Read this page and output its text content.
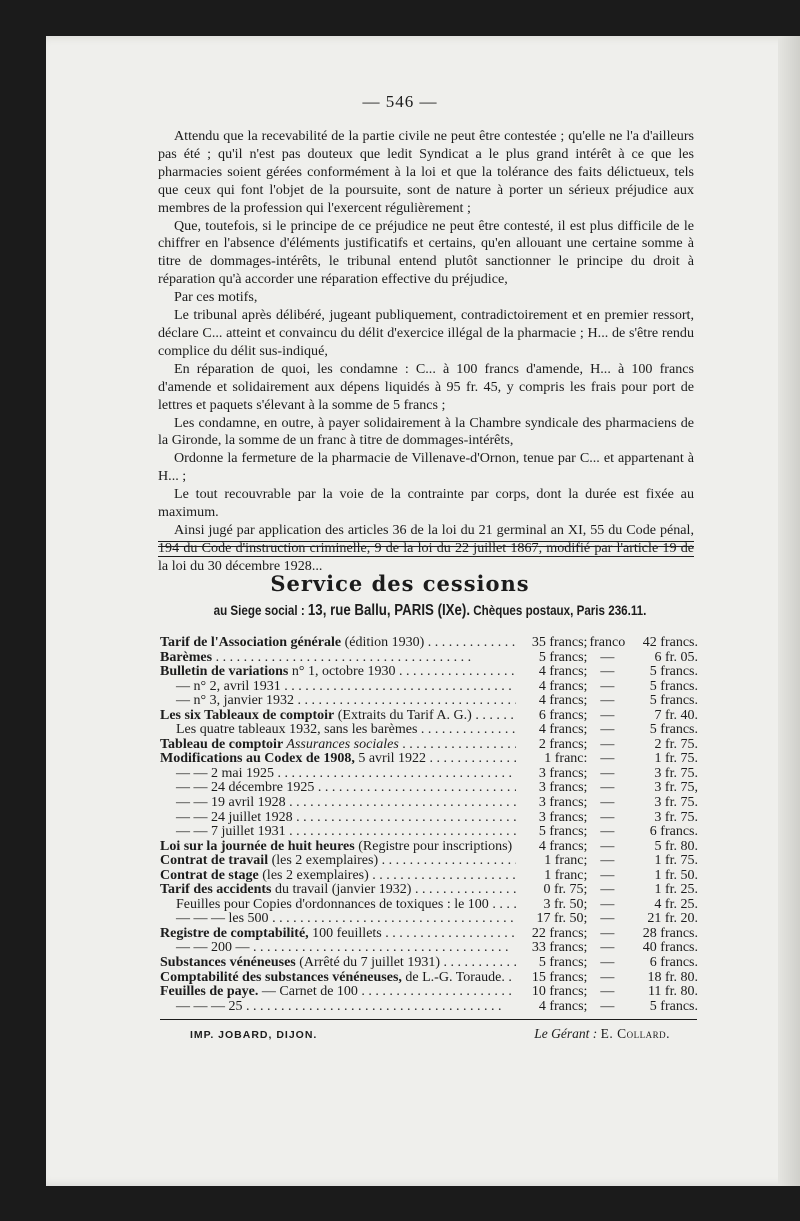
— 546 —

Attendu que la recevabilité de la partie civile ne peut être contestée ; qu'elle ne l'a d'ailleurs pas été ; qu'il n'est pas douteux que ledit Syndicat a le plus grand intérêt à ce que les pharmacies soient gérées conformément à la loi et que la tolérance des faits délictueux, tels que ceux qui font l'objet de la poursuite, sont de nature à porter un sérieux préjudice aux membres de la profession qui l'exercent régulièrement ;

Que, toutefois, si le principe de ce préjudice ne peut être contesté, il est plus difficile de le chiffrer en l'absence d'éléments justificatifs et certains, qu'en allouant une certaine somme à titre de dommages-intérêts, le tribunal entend plutôt sanctionner le principe du droit à réparation qu'à accorder une réparation effective du préjudice,

Par ces motifs,

Le tribunal après délibéré, jugeant publiquement, contradictoirement et en premier ressort, déclare C... atteint et convaincu du délit d'exercice illégal de la pharmacie ; H... de s'être rendu complice du délit sus-indiqué,

En réparation de quoi, les condamne : C... à 100 francs d'amende, H... à 100 francs d'amende et solidairement aux dépens liquidés à 95 fr. 45, y compris les frais pour port de lettres et paquets s'élevant à la somme de 5 francs ;

Les condamne, en outre, à payer solidairement à la Chambre syndicale des pharmaciens de la Gironde, la somme de un franc à titre de dommages-intérêts,

Ordonne la fermeture de la pharmacie de Villenave-d'Ornon, tenue par C... et appartenant à H... ;

Le tout recouvrable par la voie de la contrainte par corps, dont la durée est fixée au maximum.

Ainsi jugé par application des articles 36 de la loi du 21 germinal an XI, 55 du Code pénal, 194 du Code d'instruction criminelle, 9 de la loi du 22 juillet 1867, modifié par l'article 19 de la loi du 30 décembre 1928...

Service des cessions
au Siege social : 13, rue Ballu, PARIS (IXe). Chèques postaux, Paris 236.11.
Tarif de l'Association générale (édition 1930) . . .	35 francs; franco	42 francs.
Barèmes . . .	5 francs; —	6 fr. 05.
Bulletin de variations n° 1, octobre 1930 . . .	4 francs; —	5 francs.
— n° 2, avril 1931 . . .	4 francs; —	5 francs.
— n° 3, janvier 1932 . . .	4 francs; —	5 francs.
Les six Tableaux de comptoir (Extraits du Tarif A. G.) . . .	6 francs; —	7 fr. 40.
Les quatre tableaux 1932, sans les barèmes . . .	4 francs; —	5 francs.
Tableau de comptoir Assurances sociales . . .	2 francs; —	2 fr. 75.
Modifications au Codex de 1908, 5 avril 1922 . . .	1 franc: —	1 fr. 75.
— — 2 mai 1925 . . .	3 francs; —	3 fr. 75.
— — 24 décembre 1925 . . .	3 francs; —	3 fr. 75,
— — 19 avril 1928 . . .	3 francs; —	3 fr. 75.
— — 24 juillet 1928 . . .	3 francs; —	3 fr. 75.
— — 7 juillet 1931 . . .	5 francs; —	6 francs.
Loi sur la journée de huit heures (Registre pour inscriptions) . . .	4 francs; —	5 fr. 80.
Contrat de travail (les 2 exemplaires) . . .	1 franc; —	1 fr. 75.
Contrat de stage (les 2 exemplaires) . . .	1 franc; —	1 fr. 50.
Tarif des accidents du travail (janvier 1932) . . .	0 fr. 75; —	1 fr. 25.
Feuilles pour Copies d'ordonnances de toxiques : le 100 . . .	3 fr. 50; —	4 fr. 25.
— — — les 500 . . .	17 fr. 50; —	21 fr. 20.
Registre de comptabilité, 100 feuillets . . .	22 francs; —	28 francs.
— — 200 — . . .	33 francs; —	40 francs.
Substances vénéneuses (Arrêté du 7 juillet 1931) . . .	5 francs; —	6 francs.
Comptabilité des substances vénéneuses, de L.-G. Toraude. . . .	15 francs; —	18 fr. 80.
Feuilles de paye. — Carnet de 100 . . .	10 francs; —	11 fr. 80.
— — — 25 . . .	4 francs; —	5 francs.
IMP. JOBARD, DIJON.	Le Gérant : E. Collard.
